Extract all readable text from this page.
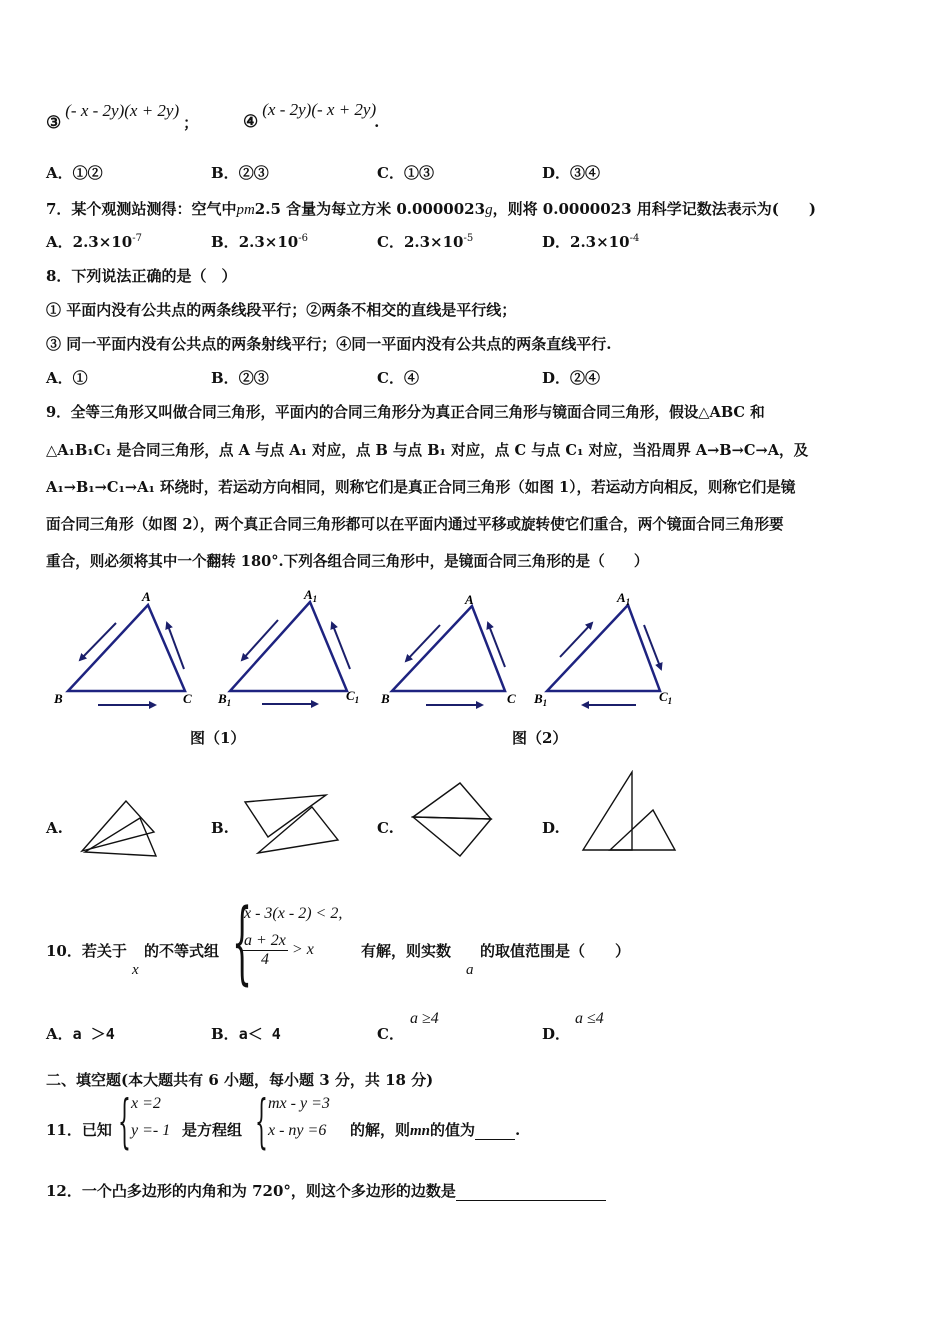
③(- x - 2y)(x + 2y)；	④(x - 2y)(- x + 2y).
A．①②	B．②③	C．①③	D．③④
7．某个观测站测得：空气中pm2.5 含量为每立方米 0.0000023g，则将 0.0000023 用科学记数法表示为(　　)
A．$2.3\times 10^{-7}$	B．$2.3\times 10^{-6}$	C．$2.3\times 10^{-5}$	D．$2.3\times 10^{-4}$
8．下列说法正确的是（　）
① 平面内没有公共点的两条线段平行；②两条不相交的直线是平行线；
③ 同一平面内没有公共点的两条射线平行；④同一平面内没有公共点的两条直线平行.
A．①	B．②③	C．④	D．②④
9．全等三角形又叫做合同三角形，平面内的合同三角形分为真正合同三角形与镜面合同三角形，假设△ABC 和
△A₁B₁C₁ 是合同三角形，点 A 与点 A₁ 对应，点 B 与点 B₁ 对应，点 C 与点 C₁ 对应，当沿周界 A→B→C→A，及
A₁→B₁→C₁→A₁ 环绕时，若运动方向相同，则称它们是真正合同三角形（如图 1），若运动方向相反，则称它们是镜
面合同三角形（如图 2），两个真正合同三角形都可以在平面内通过平移或旋转使它们重合，两个镜面合同三角形要
重合，则必须将其中一个翻转 180°.下列各组合同三角形中，是镜面合同三角形的是（　　）
A
B	C
$A_1$
$B_1$	$C_1$
A
B	C
$A_1$
$B_1$	$C_1$
图（1）	图（2）
A.	B.	C.	D.
10．若关于
x
的不等式组 {
x - 3(x - 2) < 2,
$\frac{a + 2x}{4} > x$	有解，则实数
a
的取值范围是（　　）
A．a ＞4	B．a＜ 4	C．
a ≥4
D．
a ≤4
二、填空题(本大题共有 6 小题，每小题 3 分，共 18 分)
11．已知 { x =2
y =- 1 是方程组 { mx - y =3
x - ny =6 的解，则mn的值为	.
12．一个凸多边形的内角和为 720°，则这个多边形的边数是
